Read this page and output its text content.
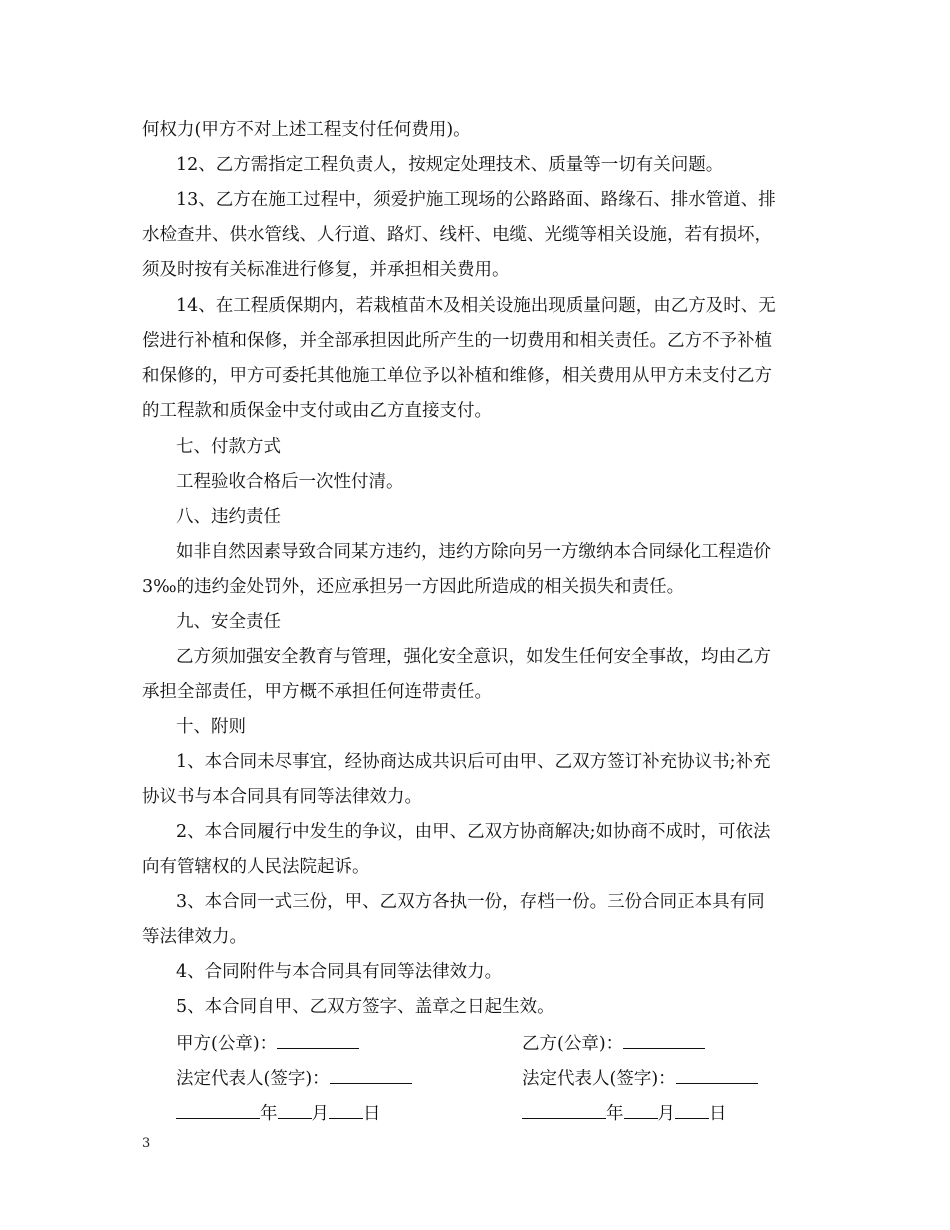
何权力(甲方不对上述工程支付任何费用)。

12、乙方需指定工程负责人，按规定处理技术、质量等一切有关问题。

13、乙方在施工过程中，须爱护施工现场的公路路面、路缘石、排水管道、排

水检查井、供水管线、人行道、路灯、线杆、电缆、光缆等相关设施，若有损坏，

须及时按有关标准进行修复，并承担相关费用。

14、在工程质保期内，若栽植苗木及相关设施出现质量问题，由乙方及时、无

偿进行补植和保修，并全部承担因此所产生的一切费用和相关责任。乙方不予补植

和保修的，甲方可委托其他施工单位予以补植和维修，相关费用从甲方未支付乙方

的工程款和质保金中支付或由乙方直接支付。

七、付款方式

工程验收合格后一次性付清。

八、违约责任

如非自然因素导致合同某方违约，违约方除向另一方缴纳本合同绿化工程造价

3‰的违约金处罚外，还应承担另一方因此所造成的相关损失和责任。

九、安全责任

乙方须加强安全教育与管理，强化安全意识，如发生任何安全事故，均由乙方

承担全部责任，甲方概不承担任何连带责任。

十、附则

1、本合同未尽事宜，经协商达成共识后可由甲、乙双方签订补充协议书;补充

协议书与本合同具有同等法律效力。

2、本合同履行中发生的争议，由甲、乙双方协商解决;如协商不成时，可依法

向有管辖权的人民法院起诉。

3、本合同一式三份，甲、乙双方各执一份，存档一份。三份合同正本具有同

等法律效力。

4、合同附件与本合同具有同等法律效力。

5、本合同自甲、乙双方签字、盖章之日起生效。

甲方(公章)：	乙方(公章)：
法定代表人(签字)：	法定代表人(签字)：
年 月 日	年 月 日
3
